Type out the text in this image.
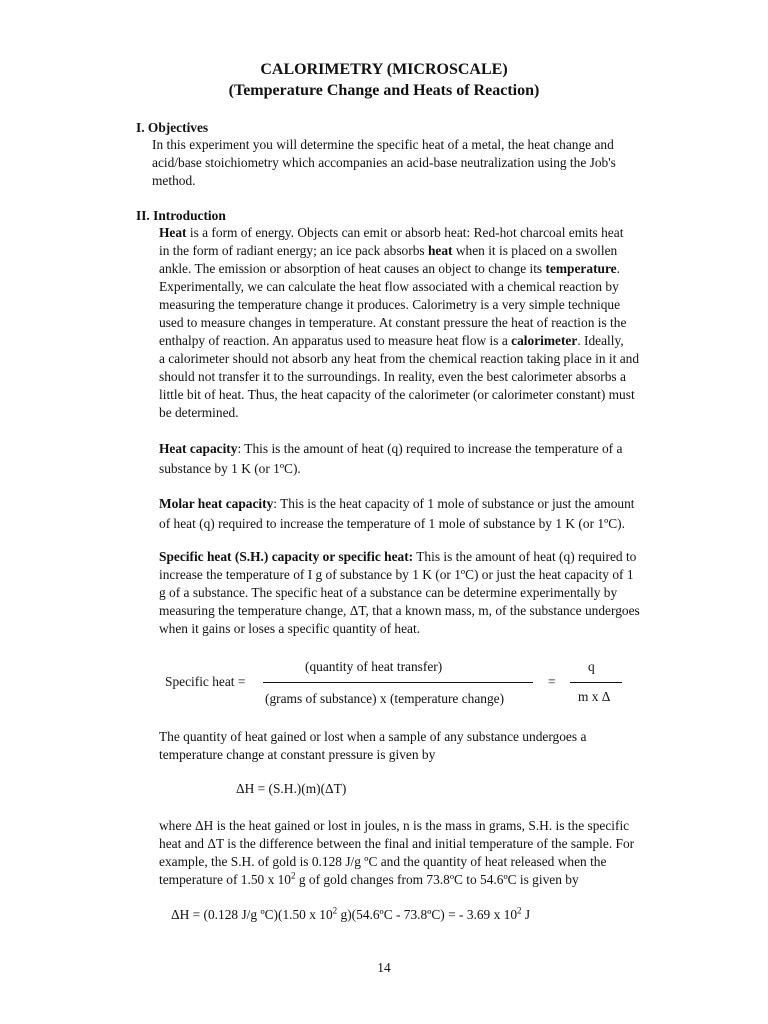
CALORIMETRY (MICROSCALE)
(Temperature Change and Heats of Reaction)
I. Objectives

In this experiment you will determine the specific heat of a metal, the heat change and

acid/base stoichiometry which accompanies an acid-base neutralization using the Job's

method.

II. Introduction

Heat is a form of energy. Objects can emit or absorb heat: Red-hot charcoal emits heat

in the form of radiant energy; an ice pack absorbs heat when it is placed on a swollen

ankle. The emission or absorption of heat causes an object to change its temperature.

Experimentally, we can calculate the heat flow associated with a chemical reaction by

measuring the temperature change it produces. Calorimetry is a very simple technique

used to measure changes in temperature. At constant pressure the heat of reaction is the

enthalpy of reaction. An apparatus used to measure heat flow is a calorimeter. Ideally,

a calorimeter should not absorb any heat from the chemical reaction taking place in it and

should not transfer it to the surroundings. In reality, even the best calorimeter absorbs a

little bit of heat. Thus, the heat capacity of the calorimeter (or calorimeter constant) must

be determined.

Heat capacity: This is the amount of heat (q) required to increase the temperature of a

substance by 1 K (or 1ºC).

Molar heat capacity: This is the heat capacity of 1 mole of substance or just the amount

of heat (q) required to increase the temperature of 1 mole of substance by 1 K (or 1ºC).

Specific heat (S.H.) capacity or specific heat: This is the amount of heat (q) required to

increase the temperature of I g of substance by 1 K (or 1ºC) or just the heat capacity of 1

g of a substance. The specific heat of a substance can be determine experimentally by

measuring the temperature change, ΔT, that a known mass, m, of the substance undergoes

when it gains or loses a specific quantity of heat.

Specific heat =
(quantity of heat transfer)
(grams of substance) x (temperature change)
=
q
m x Δ

The quantity of heat gained or lost when a sample of any substance undergoes a

temperature change at constant pressure is given by

ΔH = (S.H.)(m)(ΔT)

where ΔH is the heat gained or lost in joules, n is the mass in grams, S.H. is the specific

heat and ΔT is the difference between the final and initial temperature of the sample. For

example, the S.H. of gold is 0.128 J/g ºC and the quantity of heat released when the

temperature of 1.50 x $10^2$ g of gold changes from 73.8ºC to 54.6ºC is given by

ΔH = (0.128 J/g ºC)(1.50 x $10^2$ g)(54.6ºC - 73.8ºC) = - 3.69 x $10^2$ J
14
